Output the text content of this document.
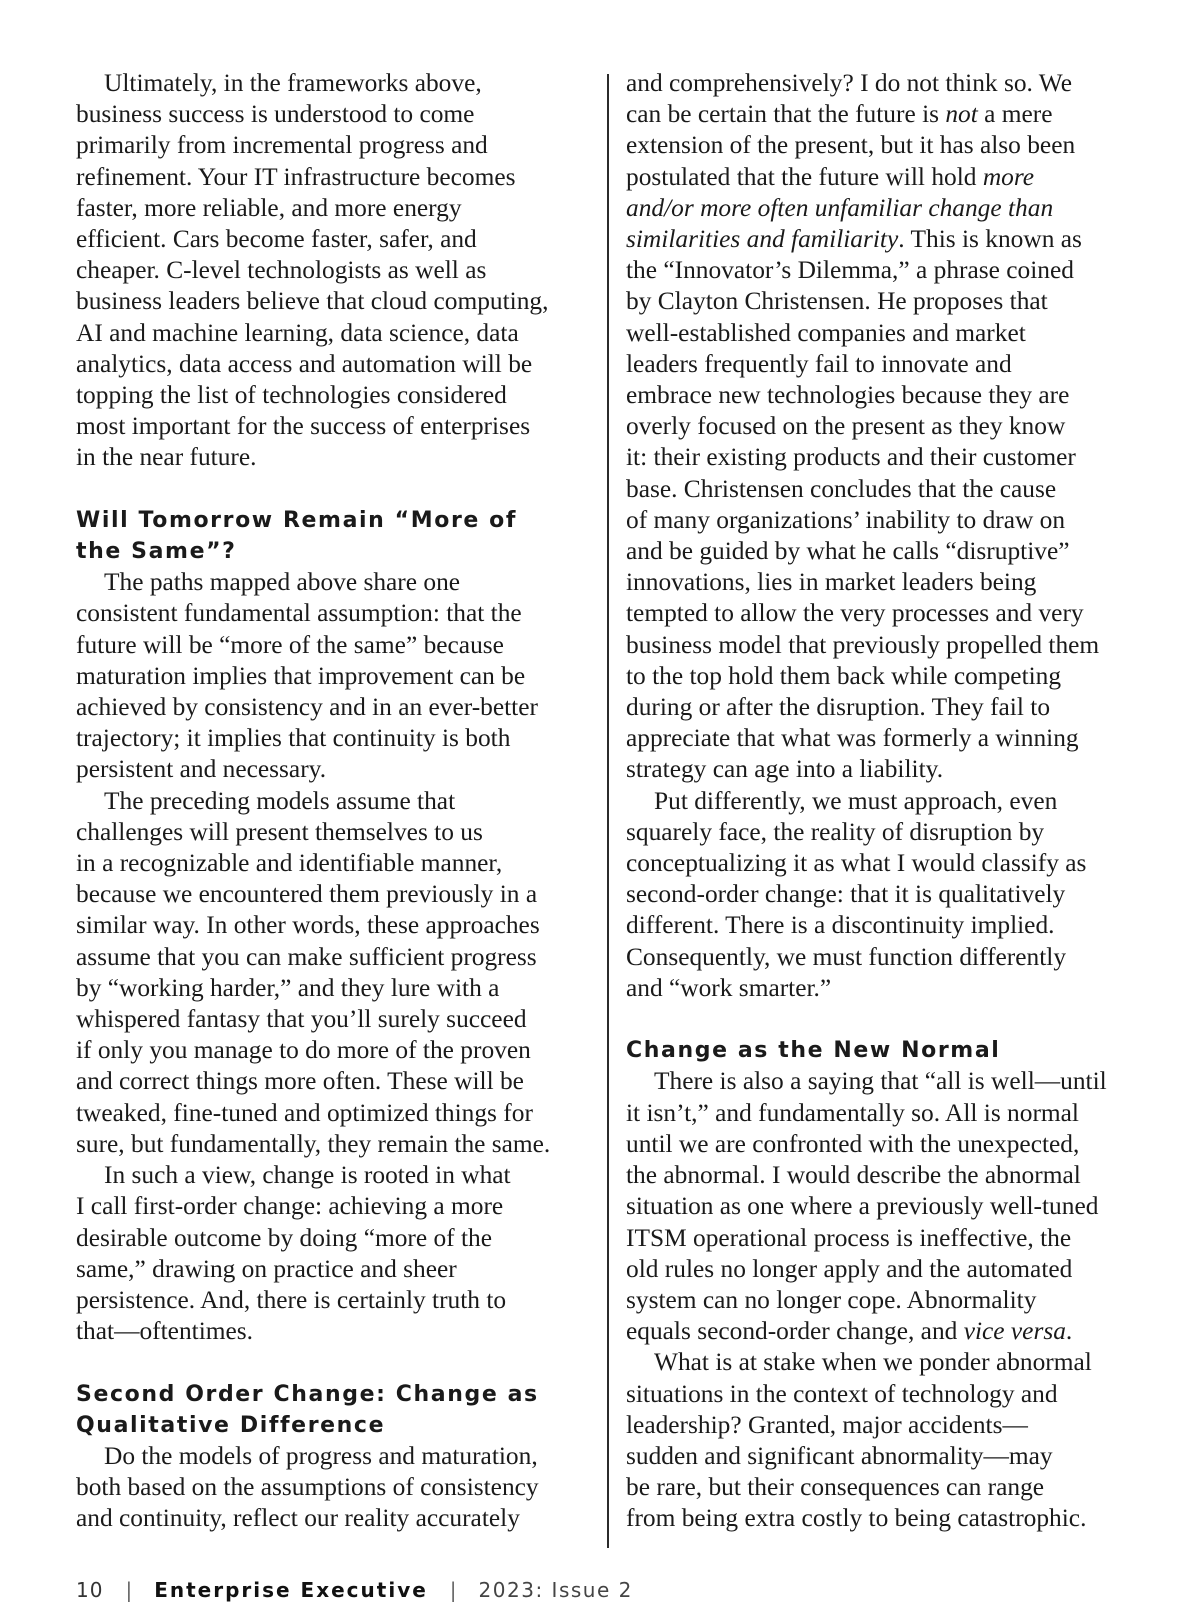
Ultimately, in the frameworks above,
business success is understood to come
primarily from incremental progress and
refinement. Your IT infrastructure becomes
faster, more reliable, and more energy
efficient. Cars become faster, safer, and
cheaper. C-level technologists as well as
business leaders believe that cloud computing,
AI and machine learning, data science, data
analytics, data access and automation will be
topping the list of technologies considered
most important for the success of enterprises
in the near future.
Will Tomorrow Remain “More of
the Same”?
The paths mapped above share one
consistent fundamental assumption: that the
future will be “more of the same” because
maturation implies that improvement can be
achieved by consistency and in an ever-better
trajectory; it implies that continuity is both
persistent and necessary.
The preceding models assume that
challenges will present themselves to us
in a recognizable and identifiable manner,
because we encountered them previously in a
similar way. In other words, these approaches
assume that you can make sufficient progress
by “working harder,” and they lure with a
whispered fantasy that you’ll surely succeed
if only you manage to do more of the proven
and correct things more often. These will be
tweaked, fine-tuned and optimized things for
sure, but fundamentally, they remain the same.
In such a view, change is rooted in what
I call first-order change: achieving a more
desirable outcome by doing “more of the
same,” drawing on practice and sheer
persistence. And, there is certainly truth to
that—oftentimes.
Second Order Change: Change as
Qualitative Difference
Do the models of progress and maturation,
both based on the assumptions of consistency
and continuity, reflect our reality accurately
and comprehensively? I do not think so. We
can be certain that the future is not a mere
extension of the present, but it has also been
postulated that the future will hold more
and/or more often unfamiliar change than
similarities and familiarity. This is known as
the “Innovator’s Dilemma,” a phrase coined
by Clayton Christensen. He proposes that
well-established companies and market
leaders frequently fail to innovate and
embrace new technologies because they are
overly focused on the present as they know
it: their existing products and their customer
base. Christensen concludes that the cause
of many organizations’ inability to draw on
and be guided by what he calls “disruptive”
innovations, lies in market leaders being
tempted to allow the very processes and very
business model that previously propelled them
to the top hold them back while competing
during or after the disruption. They fail to
appreciate that what was formerly a winning
strategy can age into a liability.
Put differently, we must approach, even
squarely face, the reality of disruption by
conceptualizing it as what I would classify as
second-order change: that it is qualitatively
different. There is a discontinuity implied.
Consequently, we must function differently
and “work smarter.”
Change as the New Normal
There is also a saying that “all is well—until
it isn’t,” and fundamentally so. All is normal
until we are confronted with the unexpected,
the abnormal. I would describe the abnormal
situation as one where a previously well-tuned
ITSM operational process is ineffective, the
old rules no longer apply and the automated
system can no longer cope. Abnormality
equals second-order change, and vice versa.
What is at stake when we ponder abnormal
situations in the context of technology and
leadership? Granted, major accidents—
sudden and significant abnormality—may
be rare, but their consequences can range
from being extra costly to being catastrophic.
10 | Enterprise Executive | 2023: Issue 2
